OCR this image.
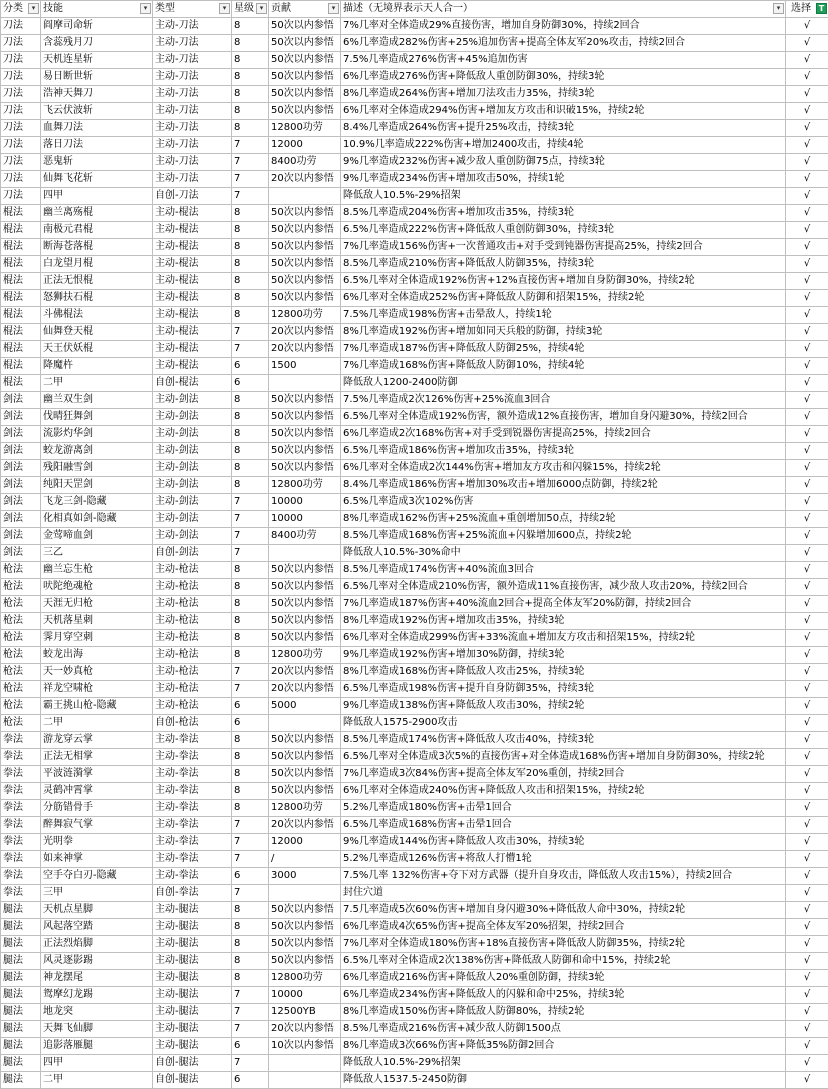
分类 ▾	技能 ▾	类型 ▾	星级 ▾	贡献 ▾	描述（无境界表示天人合一） ▾	选择 T

刀法	阎摩司命斩	主动-刀法	8	50次以内参悟	7%几率对全体造成29%直接伤害，增加自身防御30%，持续2回合	√
刀法	含蕊残月刀	主动-刀法	8	50次以内参悟	6%几率造成282%伤害+25%追加伤害+提高全体友军20%攻击，持续2回合	√
刀法	天机连星斩	主动-刀法	8	50次以内参悟	7.5%几率造成276%伤害+45%追加伤害	√
刀法	易日断世斩	主动-刀法	8	50次以内参悟	6%几率造成276%伤害+降低敌人重创防御30%，持续3轮	√
刀法	浩神天舞刀	主动-刀法	8	50次以内参悟	8%几率造成264%伤害+增加刀法攻击力35%，持续3轮	√
刀法	飞云伏波斩	主动-刀法	8	50次以内参悟	6%几率对全体造成294%伤害+增加友方攻击和识破15%，持续2轮	√
刀法	血舞刀法	主动-刀法	8	12800功劳	8.4%几率造成264%伤害+提升25%攻击，持续3轮	√
刀法	落日刀法	主动-刀法	7	12000	10.9%几率造成222%伤害+增加2400攻击，持续4轮	√
刀法	恶鬼斩	主动-刀法	7	8400功劳	9%几率造成232%伤害+减少敌人重创防御75点，持续3轮	√
刀法	仙舞飞花斩	主动-刀法	7	20次以内参悟	9%几率造成234%伤害+增加攻击50%，持续1轮	√
刀法	四甲	自创-刀法	7		降低敌人10.5%-29%招架	√
棍法	幽兰离殇棍	主动-棍法	8	50次以内参悟	8.5%几率造成204%伤害+增加攻击35%，持续3轮	√
棍法	南极元君棍	主动-棍法	8	50次以内参悟	6.5%几率造成222%伤害+降低敌人重创防御30%，持续3轮	√
棍法	断海苍落棍	主动-棍法	8	50次以内参悟	7%几率造成156%伤害+一次普通攻击+对手受到钝器伤害提高25%，持续2回合	√
棍法	白龙望月棍	主动-棍法	8	50次以内参悟	8.5%几率造成210%伤害+降低敌人防御35%，持续3轮	√
棍法	正法无恨棍	主动-棍法	8	50次以内参悟	6.5%几率对全体造成192%伤害+12%直接伤害+增加自身防御30%，持续2轮	√
棍法	怒狮扶石棍	主动-棍法	8	50次以内参悟	6%几率对全体造成252%伤害+降低敌人防御和招架15%，持续2轮	√
棍法	斗佛棍法	主动-棍法	8	12800功劳	7.5%几率造成198%伤害+击晕敌人，持续1轮	√
棍法	仙舞登天棍	主动-棍法	7	20次以内参悟	8%几率造成192%伤害+增加如同天兵般的防御，持续3轮	√
棍法	天王伏妖棍	主动-棍法	7	20次以内参悟	7%几率造成187%伤害+降低敌人防御25%，持续4轮	√
棍法	降魔杵	主动-棍法	6	1500	7%几率造成168%伤害+降低敌人防御10%，持续4轮	√
棍法	二甲	自创-棍法	6		降低敌人1200-2400防御	√
剑法	幽兰双生剑	主动-剑法	8	50次以内参悟	7.5%几率造成2次126%伤害+25%流血3回合	√
剑法	伐晴狂舞剑	主动-剑法	8	50次以内参悟	6.5%几率对全体造成192%伤害，额外造成12%直接伤害，增加自身闪避30%，持续2回合	√
剑法	流影灼华剑	主动-剑法	8	50次以内参悟	6%几率造成2次168%伤害+对手受到锐器伤害提高25%，持续2回合	√
剑法	蛟龙游离剑	主动-剑法	8	50次以内参悟	6.5%几率造成186%伤害+增加攻击35%，持续3轮	√
剑法	残阳融雪剑	主动-剑法	8	50次以内参悟	6%几率对全体造成2次144%伤害+增加友方攻击和闪躲15%，持续2轮	√
剑法	纯阳天罡剑	主动-剑法	8	12800功劳	8.4%几率造成186%伤害+增加30%攻击+增加6000点防御，持续2轮	√
剑法	飞龙三剑-隐藏	主动-剑法	7	10000	6.5%几率造成3次102%伤害	√
剑法	化相真如剑-隐藏	主动-剑法	7	10000	8%几率造成162%伤害+25%流血+重创增加50点，持续2轮	√
剑法	金莺啼血剑	主动-剑法	7	8400功劳	8.5%几率造成168%伤害+25%流血+闪躲增加600点，持续2轮	√
剑法	三乙	自创-剑法	7		降低敌人10.5%-30%命中	√
枪法	幽兰忘生枪	主动-枪法	8	50次以内参悟	8.5%几率造成174%伤害+40%流血3回合	√
枪法	吠陀绝魂枪	主动-枪法	8	50次以内参悟	6.5%几率对全体造成210%伤害，额外造成11%直接伤害，减少敌人攻击20%，持续2回合	√
枪法	天涯无归枪	主动-枪法	8	50次以内参悟	7%几率造成187%伤害+40%流血2回合+提高全体友军20%防御，持续2回合	√
枪法	天机落星刺	主动-枪法	8	50次以内参悟	8%几率造成192%伤害+增加攻击35%，持续3轮	√
枪法	霁月穿空刺	主动-枪法	8	50次以内参悟	6%几率对全体造成299%伤害+33%流血+增加友方攻击和招架15%，持续2轮	√
枪法	蛟龙出海	主动-枪法	8	12800功劳	9%几率造成192%伤害+增加30%防御，持续3轮	√
枪法	天一妙真枪	主动-枪法	7	20次以内参悟	8%几率造成168%伤害+降低敌人攻击25%，持续3轮	√
枪法	祥龙空啸枪	主动-枪法	7	20次以内参悟	6.5%几率造成198%伤害+提升自身防御35%，持续3轮	√
枪法	霸王挑山枪-隐藏	主动-枪法	6	5000	9%几率造成138%伤害+降低敌人攻击30%，持续2轮	√
枪法	二甲	自创-枪法	6		降低敌人1575-2900攻击	√
拳法	游龙穿云掌	主动-拳法	8	50次以内参悟	8.5%几率造成174%伤害+降低敌人攻击40%，持续3轮	√
拳法	正法无相掌	主动-拳法	8	50次以内参悟	6.5%几率对全体造成3次5%的直接伤害+对全体造成168%伤害+增加自身防御30%，持续2轮	√
拳法	平波涟漪掌	主动-拳法	8	50次以内参悟	7%几率造成3次84%伤害+提高全体友军20%重创，持续2回合	√
拳法	灵鹤冲霄掌	主动-拳法	8	50次以内参悟	6%几率对全体造成240%伤害+降低敌人攻击和招架15%，持续2轮	√
拳法	分筋错骨手	主动-拳法	8	12800功劳	5.2%几率造成180%伤害+击晕1回合	√
拳法	醉舞寂气掌	主动-拳法	7	20次以内参悟	6.5%几率造成168%伤害+击晕1回合	√
拳法	光明拳	主动-拳法	7	12000	9%几率造成144%伤害+降低敌人攻击30%，持续3轮	√
拳法	如来神掌	主动-拳法	7	/	5.2%几率造成126%伤害+将敌人打懵1轮	√
拳法	空手夺白刃-隐藏	主动-拳法	6	3000	7.5%几率 132%伤害+夺下对方武器（提升自身攻击，降低敌人攻击15%），持续2回合	√
拳法	三甲	自创-拳法	7		封住穴道	√
腿法	天机点星脚	主动-腿法	8	50次以内参悟	7.5几率造成5次60%伤害+增加自身闪避30%+降低敌人命中30%，持续2轮	√
腿法	风起落空踏	主动-腿法	8	50次以内参悟	6%几率造成4次65%伤害+提高全体友军20%招架，持续2回合	√
腿法	正法烈焰脚	主动-腿法	8	50次以内参悟	7%几率对全体造成180%伤害+18%直接伤害+降低敌人防御35%，持续2轮	√
腿法	风灵逐影踢	主动-腿法	8	50次以内参悟	6.5%几率对全体造成2次138%伤害+降低敌人防御和命中15%，持续2轮	√
腿法	神龙摆尾	主动-腿法	8	12800功劳	6%几率造成216%伤害+降低敌人20%重创防御，持续3轮	√
腿法	鸳摩幻龙踢	主动-腿法	7	10000	6%几率造成234%伤害+降低敌人的闪躲和命中25%，持续3轮	√
腿法	地龙突	主动-腿法	7	12500YB	8%几率造成150%伤害+降低敌人防御80%，持续2轮	√
腿法	天舞飞仙脚	主动-腿法	7	20次以内参悟	8.5%几率造成216%伤害+减少敌人防御1500点	√
腿法	追影落雁腿	主动-腿法	6	10次以内参悟	8%几率造成3次66%伤害+降低35%防御2回合	√
腿法	四甲	自创-腿法	7		降低敌人10.5%-29%招架	√
腿法	二甲	自创-腿法	6		降低敌人1537.5-2450防御	√
